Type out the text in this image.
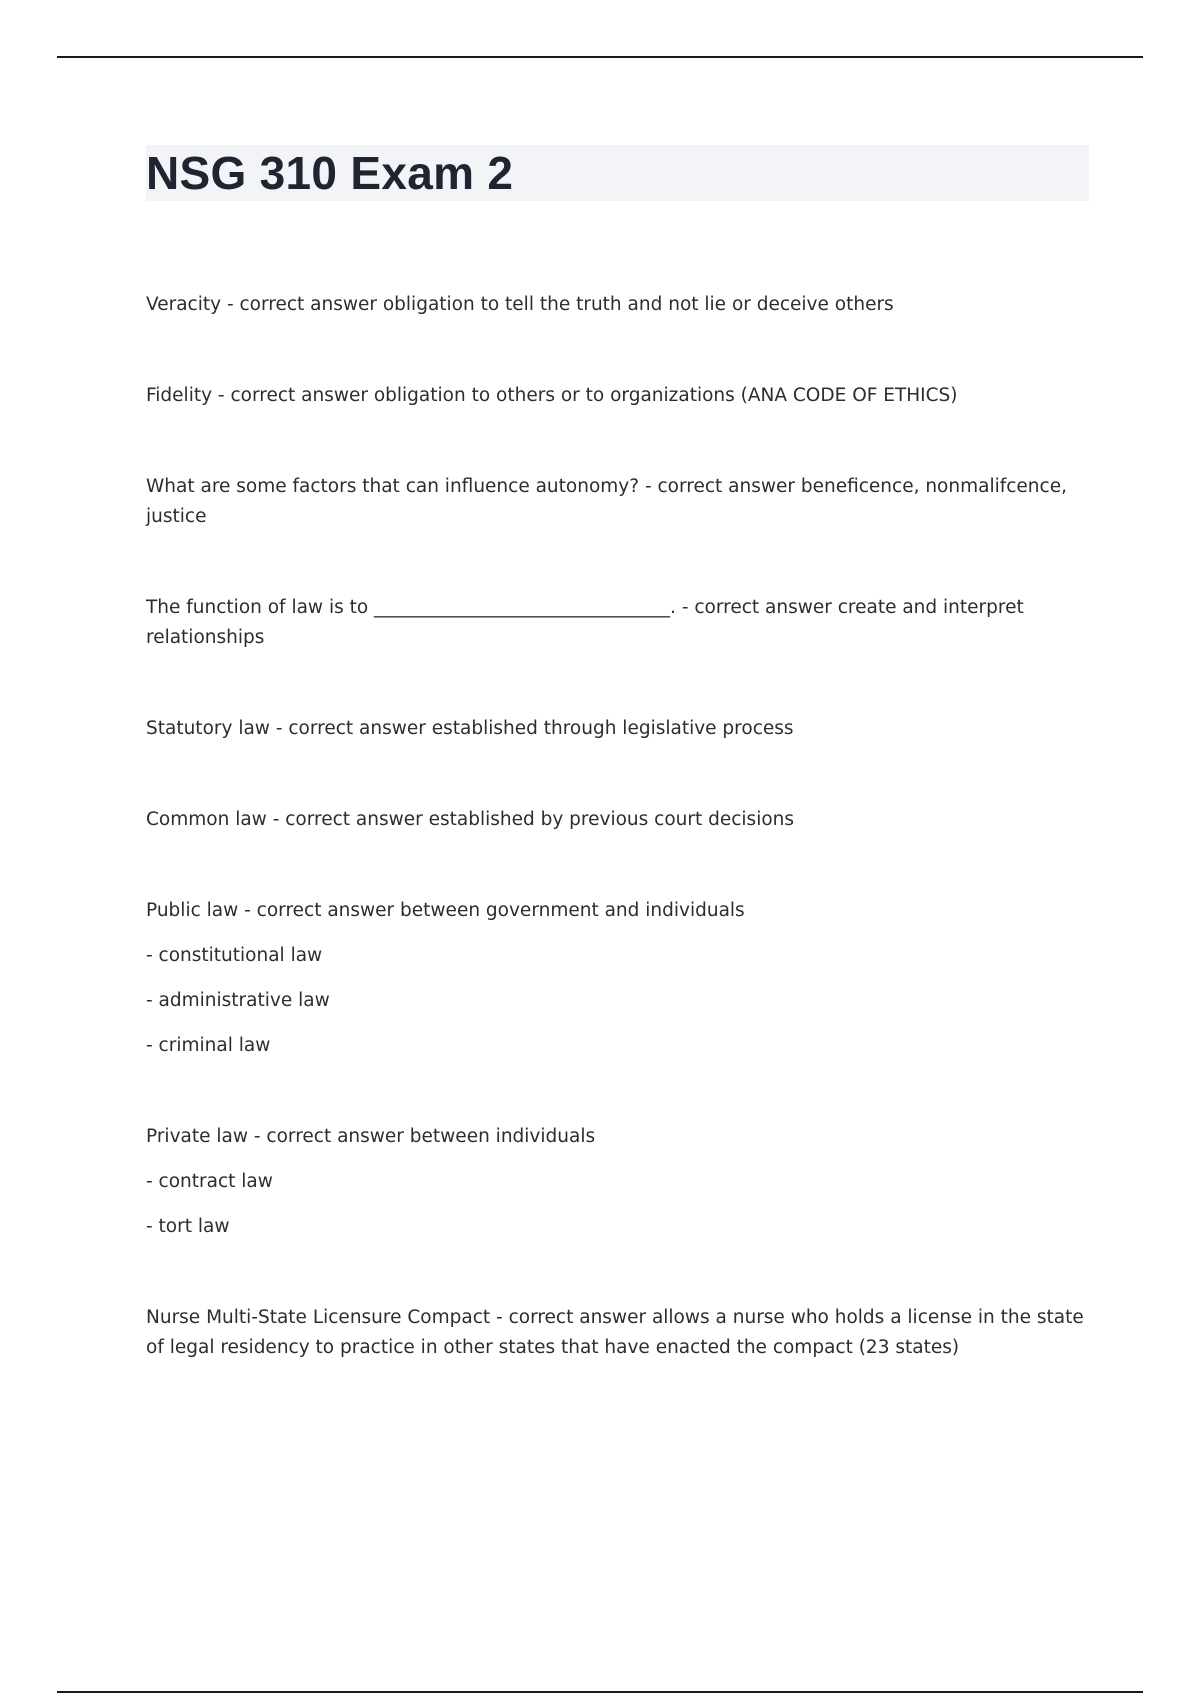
NSG 310 Exam 2
Veracity - correct answer obligation to tell the truth and not lie or deceive others
Fidelity - correct answer obligation to others or to organizations (ANA CODE OF ETHICS)
What are some factors that can influence autonomy? - correct answer beneficence, nonmalifcence, justice
The function of law is to ________________________________. - correct answer create and interpret relationships
Statutory law - correct answer established through legislative process
Common law - correct answer established by previous court decisions
Public law - correct answer between government and individuals
- constitutional law
- administrative law
- criminal law
Private law - correct answer between individuals
- contract law
- tort law
Nurse Multi-State Licensure Compact - correct answer allows a nurse who holds a license in the state of legal residency to practice in other states that have enacted the compact (23 states)
